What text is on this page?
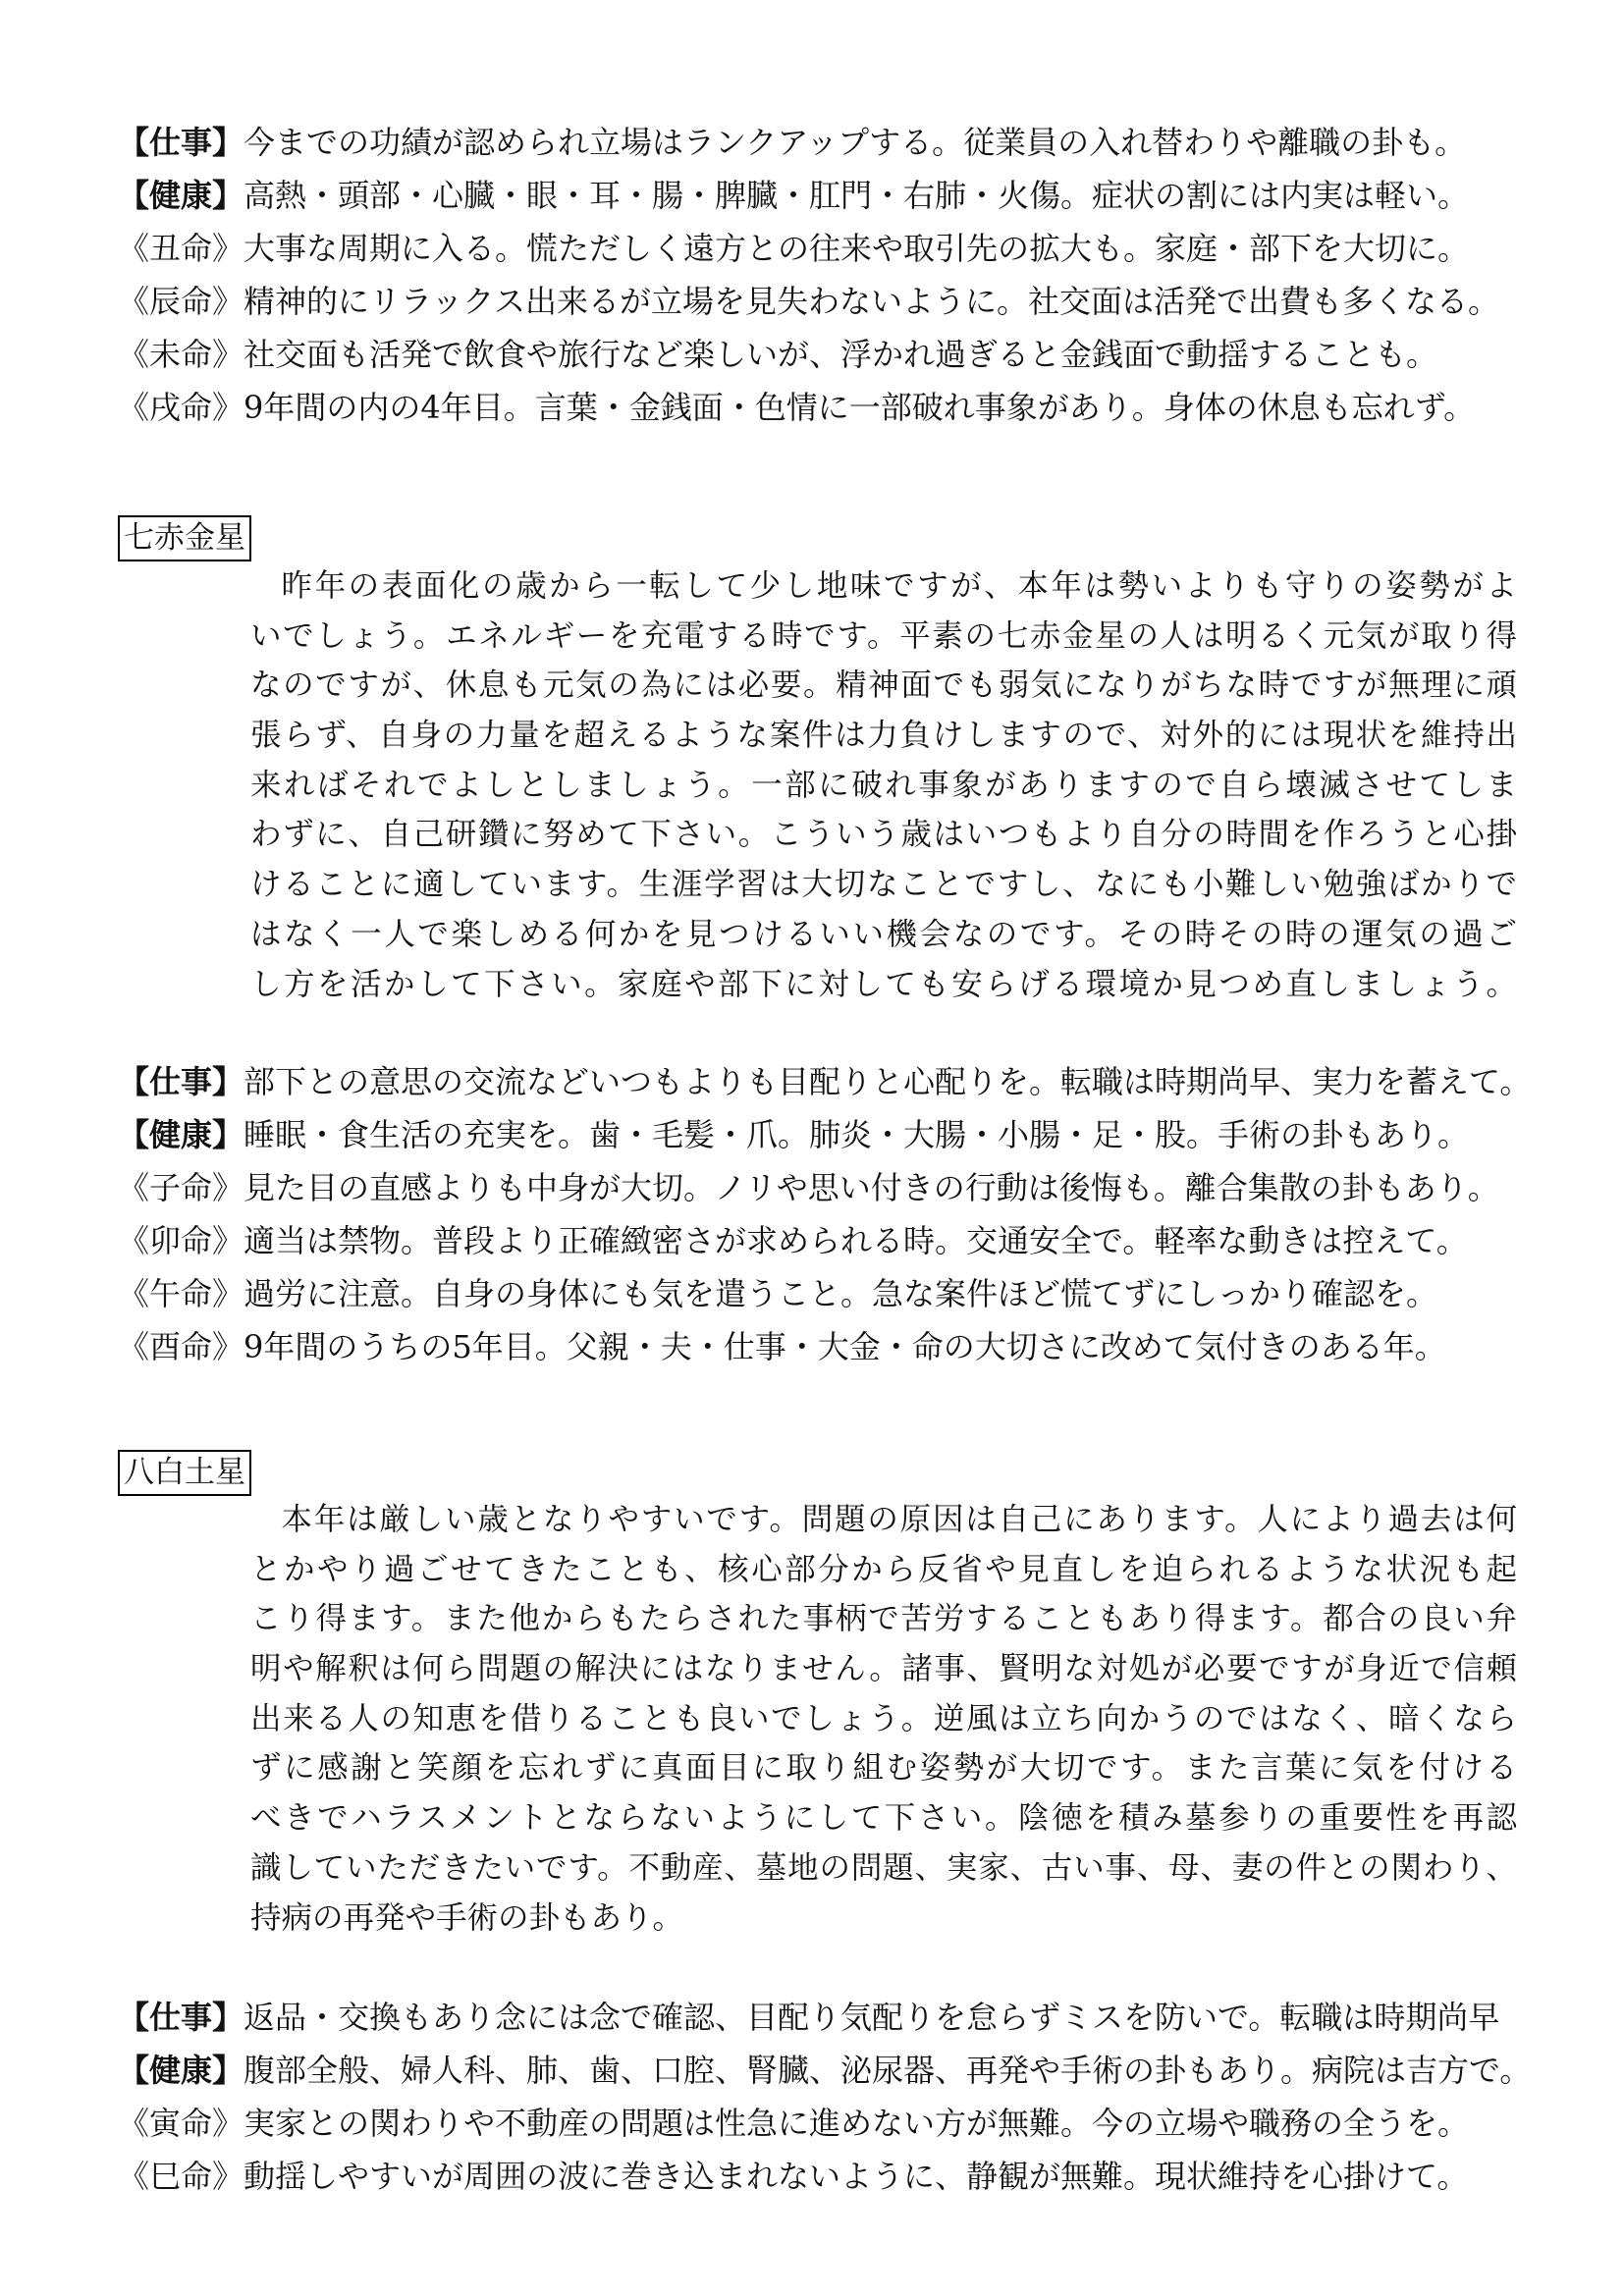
【仕事】今までの功績が認められ立場はランクアップする。従業員の入れ替わりや離職の卦も。
【健康】高熱・頭部・心臓・眼・耳・腸・脾臓・肛門・右肺・火傷。症状の割には内実は軽い。
《丑命》大事な周期に入る。慌ただしく遠方との往来や取引先の拡大も。家庭・部下を大切に。
《辰命》精神的にリラックス出来るが立場を見失わないように。社交面は活発で出費も多くなる。
《未命》社交面も活発で飲食や旅行など楽しいが、浮かれ過ぎると金銭面で動揺することも。
《戌命》9年間の内の4年目。言葉・金銭面・色情に一部破れ事象があり。身体の休息も忘れず。
七赤金星
昨年の表面化の歳から一転して少し地味ですが、本年は勢いよりも守りの姿勢がよ
いでしょう。エネルギーを充電する時です。平素の七赤金星の人は明るく元気が取り得
なのですが、休息も元気の為には必要。精神面でも弱気になりがちな時ですが無理に頑
張らず、自身の力量を超えるような案件は力負けしますので、対外的には現状を維持出
来ればそれでよしとしましょう。一部に破れ事象がありますので自ら壊滅させてしま
わずに、自己研鑽に努めて下さい。こういう歳はいつもより自分の時間を作ろうと心掛
けることに適しています。生涯学習は大切なことですし、なにも小難しい勉強ばかりで
はなく一人で楽しめる何かを見つけるいい機会なのです。その時その時の運気の過ご
し方を活かして下さい。家庭や部下に対しても安らげる環境か見つめ直しましょう。
【仕事】部下との意思の交流などいつもよりも目配りと心配りを。転職は時期尚早、実力を蓄えて。
【健康】睡眠・食生活の充実を。歯・毛髪・爪。肺炎・大腸・小腸・足・股。手術の卦もあり。
《子命》見た目の直感よりも中身が大切。ノリや思い付きの行動は後悔も。離合集散の卦もあり。
《卯命》適当は禁物。普段より正確緻密さが求められる時。交通安全で。軽率な動きは控えて。
《午命》過労に注意。自身の身体にも気を遣うこと。急な案件ほど慌てずにしっかり確認を。
《酉命》9年間のうちの5年目。父親・夫・仕事・大金・命の大切さに改めて気付きのある年。
八白土星
本年は厳しい歳となりやすいです。問題の原因は自己にあります。人により過去は何
とかやり過ごせてきたことも、核心部分から反省や見直しを迫られるような状況も起
こり得ます。また他からもたらされた事柄で苦労することもあり得ます。都合の良い弁
明や解釈は何ら問題の解決にはなりません。諸事、賢明な対処が必要ですが身近で信頼
出来る人の知恵を借りることも良いでしょう。逆風は立ち向かうのではなく、暗くなら
ずに感謝と笑顔を忘れずに真面目に取り組む姿勢が大切です。また言葉に気を付ける
べきでハラスメントとならないようにして下さい。陰徳を積み墓参りの重要性を再認
識していただきたいです。不動産、墓地の問題、実家、古い事、母、妻の件との関わり、
持病の再発や手術の卦もあり。
【仕事】返品・交換もあり念には念で確認、目配り気配りを怠らずミスを防いで。転職は時期尚早
【健康】腹部全般、婦人科、肺、歯、口腔、腎臓、泌尿器、再発や手術の卦もあり。病院は吉方で。
《寅命》実家との関わりや不動産の問題は性急に進めない方が無難。今の立場や職務の全うを。
《巳命》動揺しやすいが周囲の波に巻き込まれないように、静観が無難。現状維持を心掛けて。
